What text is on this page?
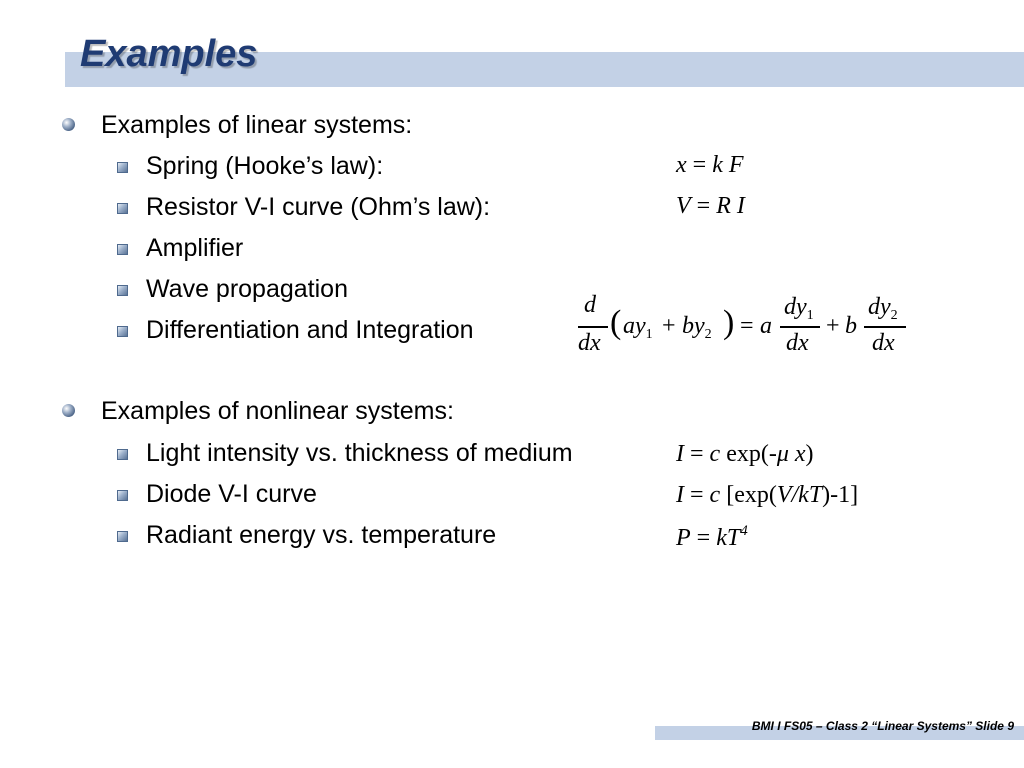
Examples
Examples of linear systems:
Spring (Hooke’s law):	x = k F
Resistor V-I curve (Ohm’s law):	V = R I
Amplifier
Wave propagation
Differentiation and Integration
d
dx
( $ay_1 + by_2$ ) = a
$dy_1$
dx
+ b
$dy_2$
dx
Examples of nonlinear systems:
Light intensity vs. thickness of medium	I = c exp(-μ x)
Diode V-I curve	I = c [exp(V/kT)-1]
Radiant energy vs. temperature	$P = kT^4$
BMI I FS05 – Class 2 “Linear Systems” Slide 9
